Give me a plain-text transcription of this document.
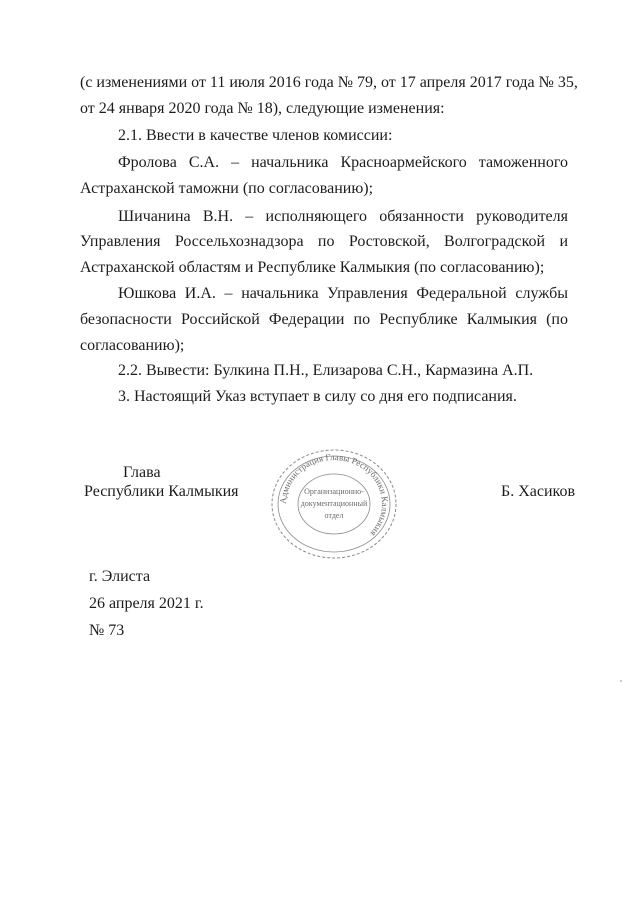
(с изменениями от 11 июля 2016 года № 79, от 17 апреля 2017 года № 35,
от 24 января 2020 года № 18), следующие изменения:
2.1. Ввести в качестве членов комиссии:
Фролова С.А. – начальника Красноармейского таможенного
Астраханской таможни (по согласованию);
Шичанина В.Н. – исполняющего обязанности руководителя
Управления Россельхознадзора по Ростовской, Волгоградской и
Астраханской областям и Республике Калмыкия (по согласованию);
Юшкова И.А. – начальника Управления Федеральной службы
безопасности Российской Федерации по Республике Калмыкия (по
согласованию);
2.2. Вывести: Булкина П.Н., Елизарова С.Н., Кармазина А.П.
3. Настоящий Указ вступает в силу со дня его подписания.
Глава
Республики Калмыкия	Б. Хасиков
Администрация Главы Республики Калмыкия
Организационно-
документационный
отдел
г. Элиста
26 апреля 2021 г.
№ 73
